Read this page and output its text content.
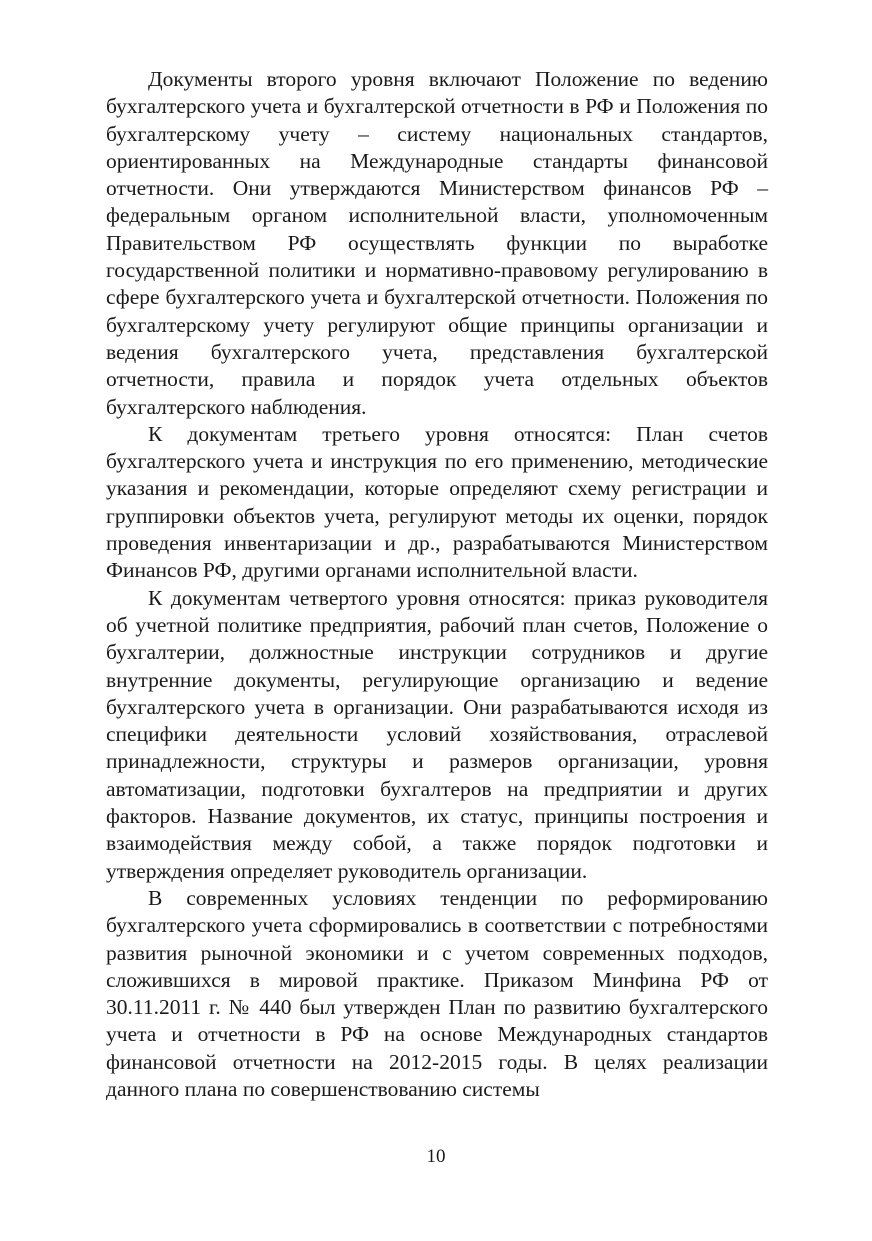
Документы второго уровня включают Положение по ведению бухгалтерского учета и бухгалтерской отчетности в РФ и Положения по бухгалтерскому учету – систему национальных стандартов, ориентированных на Международные стандарты финансовой отчетности. Они утверждаются Министерством финансов РФ – федеральным органом исполнительной власти, уполномоченным Правительством РФ осуществлять функции по выработке государственной политики и нормативно-правовому регулированию в сфере бухгалтерского учета и бухгалтерской отчетности. Положения по бухгалтерскому учету регулируют общие принципы организации и ведения бухгалтерского учета, представления бухгалтерской отчетности, правила и порядок учета отдельных объектов бухгалтерского наблюдения.

К документам третьего уровня относятся: План счетов бухгалтерского учета и инструкция по его применению, методические указания и рекомендации, которые определяют схему регистрации и группировки объектов учета, регулируют методы их оценки, порядок проведения инвентаризации и др., разрабатываются Министерством Финансов РФ, другими органами исполнительной власти.

К документам четвертого уровня относятся: приказ руководителя об учетной политике предприятия, рабочий план счетов, Положение о бухгалтерии, должностные инструкции сотрудников и другие внутренние документы, регулирующие организацию и ведение бухгалтерского учета в организации. Они разрабатываются исходя из специфики деятельности условий хозяйствования, отраслевой принадлежности, структуры и размеров организации, уровня автоматизации, подготовки бухгалтеров на предприятии и других факторов. Название документов, их статус, принципы построения и взаимодействия между собой, а также порядок подготовки и утверждения определяет руководитель организации.

В современных условиях тенденции по реформированию бухгалтерского учета сформировались в соответствии с потребностями развития рыночной экономики и с учетом современных подходов, сложившихся в мировой практике. Приказом Минфина РФ от 30.11.2011 г. № 440 был утвержден План по развитию бухгалтерского учета и отчетности в РФ на основе Международных стандартов финансовой отчетности на 2012-2015 годы. В целях реализации данного плана по совершенствованию системы

10
